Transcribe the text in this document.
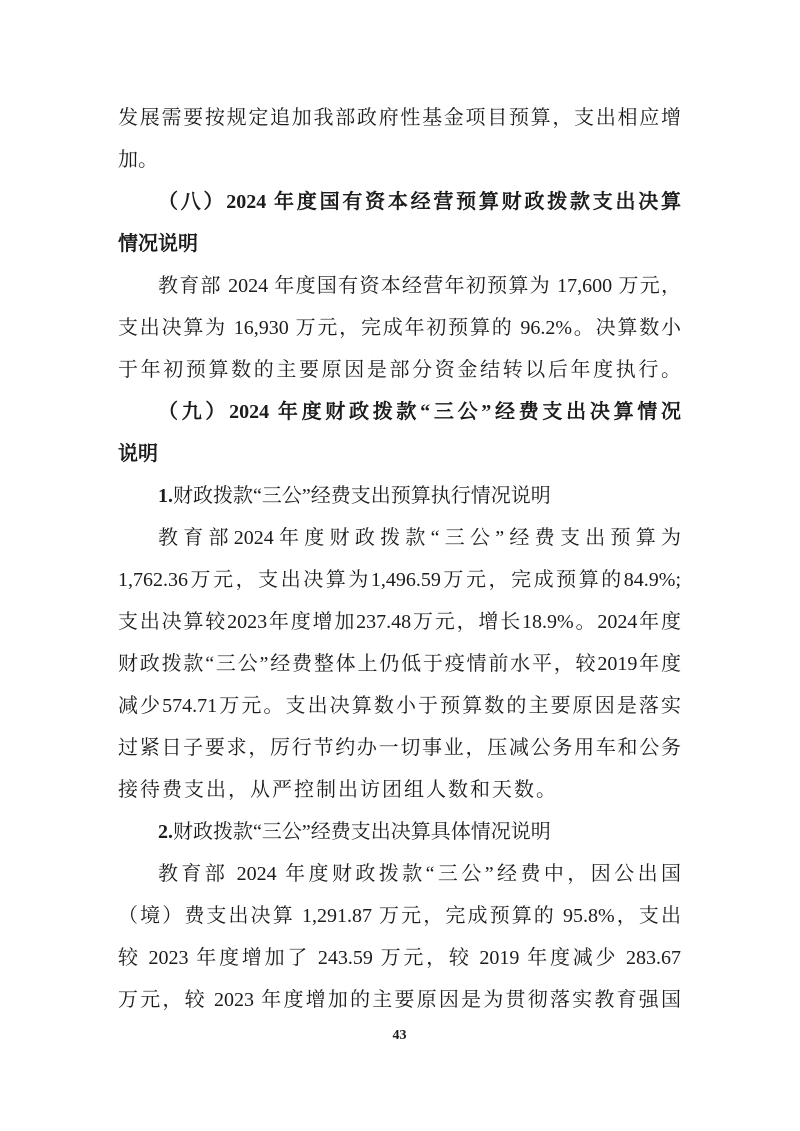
发展需要按规定追加我部政府性基金项目预算，支出相应增
加。
（八）2024 年度国有资本经营预算财政拨款支出决算
情况说明
教育部 2024 年度国有资本经营年初预算为 17,600 万元，
支出决算为 16,930 万元，完成年初预算的 96.2%。决算数小
于年初预算数的主要原因是部分资金结转以后年度执行。
（九）2024 年度财政拨款“三公”经费支出决算情况
说明
1.财政拨款“三公”经费支出预算执行情况说明
教育部2024年度财政拨款“三公”经费支出预算为
1,762.36万元，支出决算为1,496.59万元，完成预算的84.9%;
支出决算较2023年度增加237.48万元，增长18.9%。2024年度
财政拨款“三公”经费整体上仍低于疫情前水平，较2019年度
减少574.71万元。支出决算数小于预算数的主要原因是落实
过紧日子要求，厉行节约办一切事业，压减公务用车和公务
接待费支出，从严控制出访团组人数和天数。
2.财政拨款“三公”经费支出决算具体情况说明
教育部 2024 年度财政拨款“三公”经费中，因公出国
（境）费支出决算 1,291.87 万元，完成预算的 95.8%，支出
较 2023 年度增加了 243.59 万元，较 2019 年度减少 283.67
万元，较 2023 年度增加的主要原因是为贯彻落实教育强国
43
